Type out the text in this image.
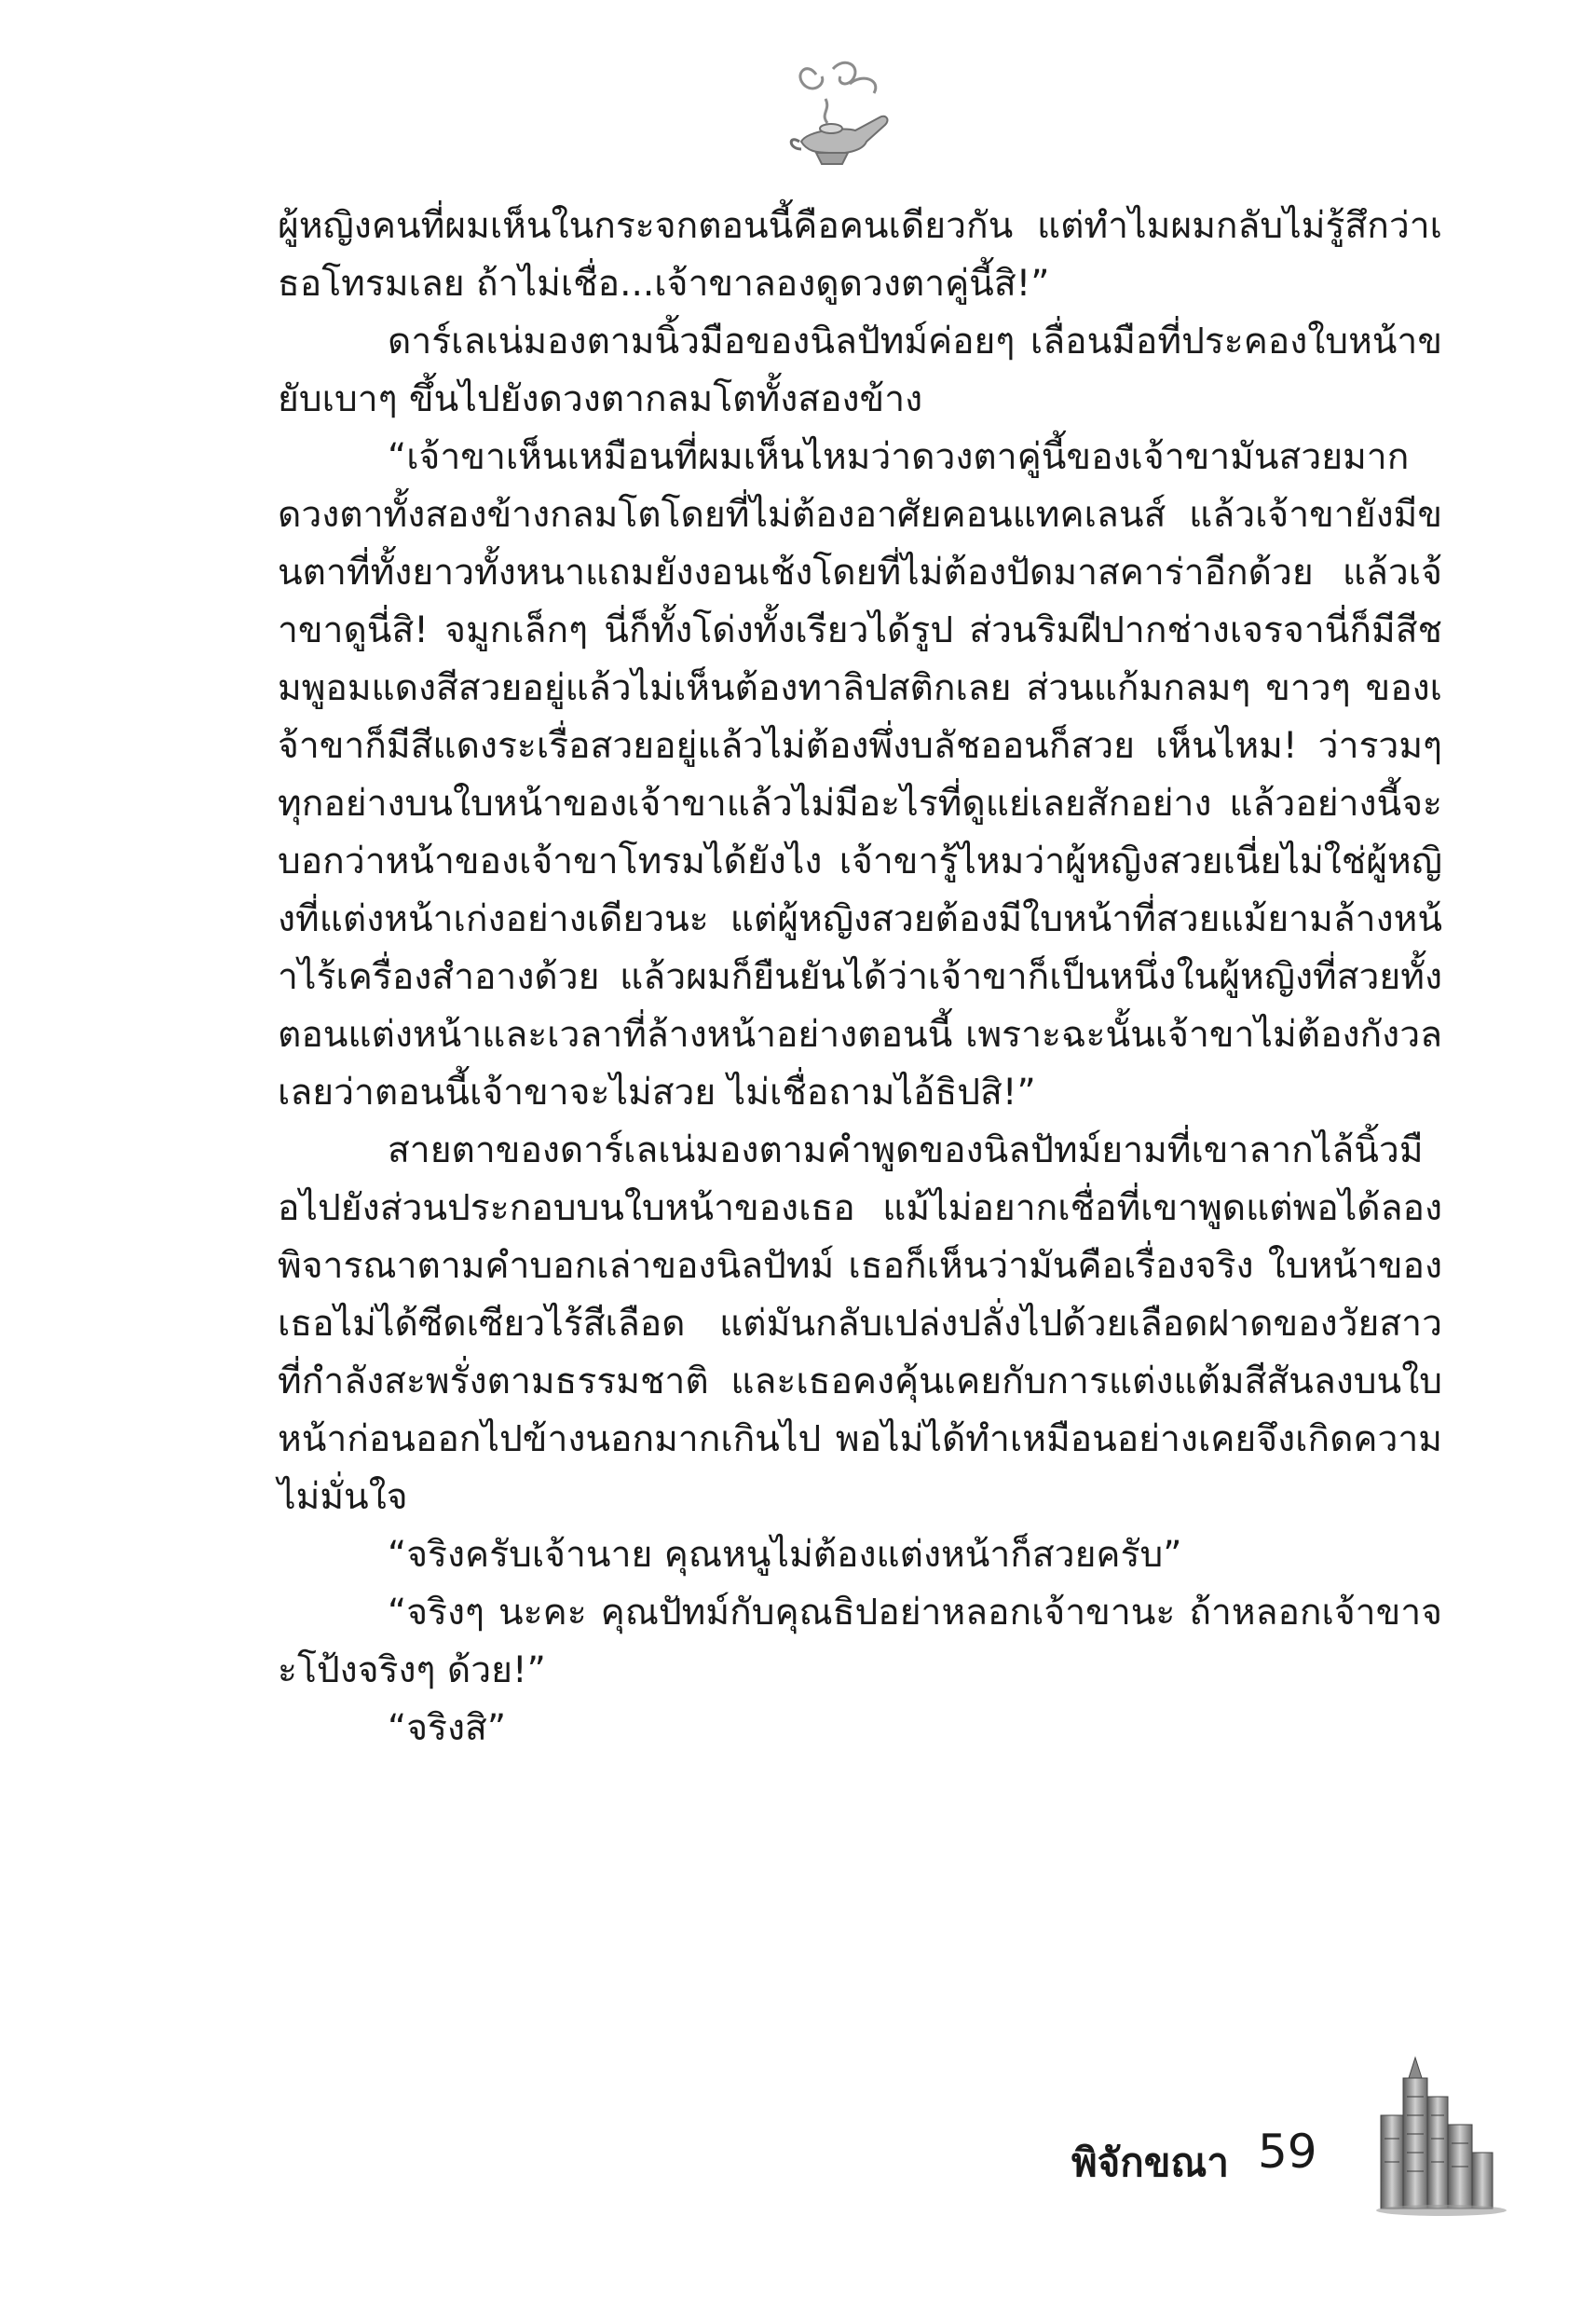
ผู้หญิงคนที่ผมเห็นในกระจกตอนนี้คือคนเดียวกัน แต่ทำไมผมกลับไม่รู้สึกว่าเธอโทรมเลย ถ้าไม่เชื่อ...เจ้าขาลองดูดวงตาคู่นี้สิ!”

ดาร์เลเน่มองตามนิ้วมือของนิลปัทม์ค่อยๆ เลื่อนมือที่ประคองใบหน้าขยับเบาๆ ขึ้นไปยังดวงตากลมโตทั้งสองข้าง

“เจ้าขาเห็นเหมือนที่ผมเห็นไหมว่าดวงตาคู่นี้ของเจ้าขามันสวยมาก ดวงตาทั้งสองข้างกลมโตโดยที่ไม่ต้องอาศัยคอนแทคเลนส์ แล้วเจ้าขายังมีขนตาที่ทั้งยาวทั้งหนาแถมยังงอนเช้งโดยที่ไม่ต้องปัดมาสคาร่าอีกด้วย แล้วเจ้าขาดูนี่สิ! จมูกเล็กๆ นี่ก็ทั้งโด่งทั้งเรียวได้รูป ส่วนริมฝีปากช่างเจรจานี่ก็มีสีชมพูอมแดงสีสวยอยู่แล้วไม่เห็นต้องทาลิปสติกเลย ส่วนแก้มกลมๆ ขาวๆ ของเจ้าขาก็มีสีแดงระเรื่อสวยอยู่แล้วไม่ต้องพึ่งบลัชออนก็สวย เห็นไหม! ว่ารวมๆ ทุกอย่างบนใบหน้าของเจ้าขาแล้วไม่มีอะไรที่ดูแย่เลยสักอย่าง แล้วอย่างนี้จะบอกว่าหน้าของเจ้าขาโทรมได้ยังไง เจ้าขารู้ไหมว่าผู้หญิงสวยเนี่ยไม่ใช่ผู้หญิงที่แต่งหน้าเก่งอย่างเดียวนะ แต่ผู้หญิงสวยต้องมีใบหน้าที่สวยแม้ยามล้างหน้าไร้เครื่องสำอางด้วย แล้วผมก็ยืนยันได้ว่าเจ้าขาก็เป็นหนึ่งในผู้หญิงที่สวยทั้งตอนแต่งหน้าและเวลาที่ล้างหน้าอย่างตอนนี้ เพราะฉะนั้นเจ้าขาไม่ต้องกังวลเลยว่าตอนนี้เจ้าขาจะไม่สวย ไม่เชื่อถามไอ้ธิปสิ!”

สายตาของดาร์เลเน่มองตามคำพูดของนิลปัทม์ยามที่เขาลากไล้นิ้วมือไปยังส่วนประกอบบนใบหน้าของเธอ แม้ไม่อยากเชื่อที่เขาพูดแต่พอได้ลองพิจารณาตามคำบอกเล่าของนิลปัทม์ เธอก็เห็นว่ามันคือเรื่องจริง ใบหน้าของเธอไม่ได้ซีดเซียวไร้สีเลือด แต่มันกลับเปล่งปลั่งไปด้วยเลือดฝาดของวัยสาวที่กำลังสะพรั่งตามธรรมชาติ และเธอคงคุ้นเคยกับการแต่งแต้มสีสันลงบนใบหน้าก่อนออกไปข้างนอกมากเกินไป พอไม่ได้ทำเหมือนอย่างเคยจึงเกิดความไม่มั่นใจ

“จริงครับเจ้านาย คุณหนูไม่ต้องแต่งหน้าก็สวยครับ”

“จริงๆ นะคะ คุณปัทม์กับคุณธิปอย่าหลอกเจ้าขานะ ถ้าหลอกเจ้าขาจะโป้งจริงๆ ด้วย!”

“จริงสิ”

พิจักขณา 59
